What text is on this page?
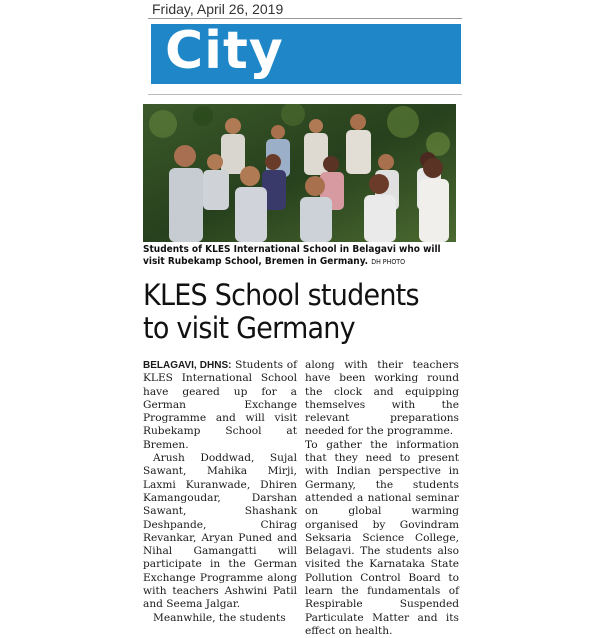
Friday, April 26, 2019
City
Students of KLES International School in Belagavi who will visit Rubekamp School, Bremen in Germany. DH PHOTO
KLES School students
to visit Germany

BELAGAVI, DHNS: Students of KLES International School have geared up for a German Exchange Programme and will visit Rubekamp School at Bremen.

Arush Doddwad, Sujal Sawant, Mahika Mirji, Laxmi Kuranwade, Dhiren Kamangoudar, Darshan Sawant, Shashank Deshpande, Chirag Revankar, Aryan Puned and Nihal Gamangatti will participate in the German Exchange Programme along with teachers Ashwini Patil and Seema Jalgar.

Meanwhile, the students

along with their teachers have been working round the clock and equipping themselves with the relevant preparations needed for the programme.

To gather the information that they need to present with Indian perspective in Germany, the students attended a national seminar on global warming organised by Govindram Seksaria Science College, Belagavi. The students also visited the Karnataka State Pollution Control Board to learn the fundamentals of Respirable Suspended Particulate Matter and its effect on health.
